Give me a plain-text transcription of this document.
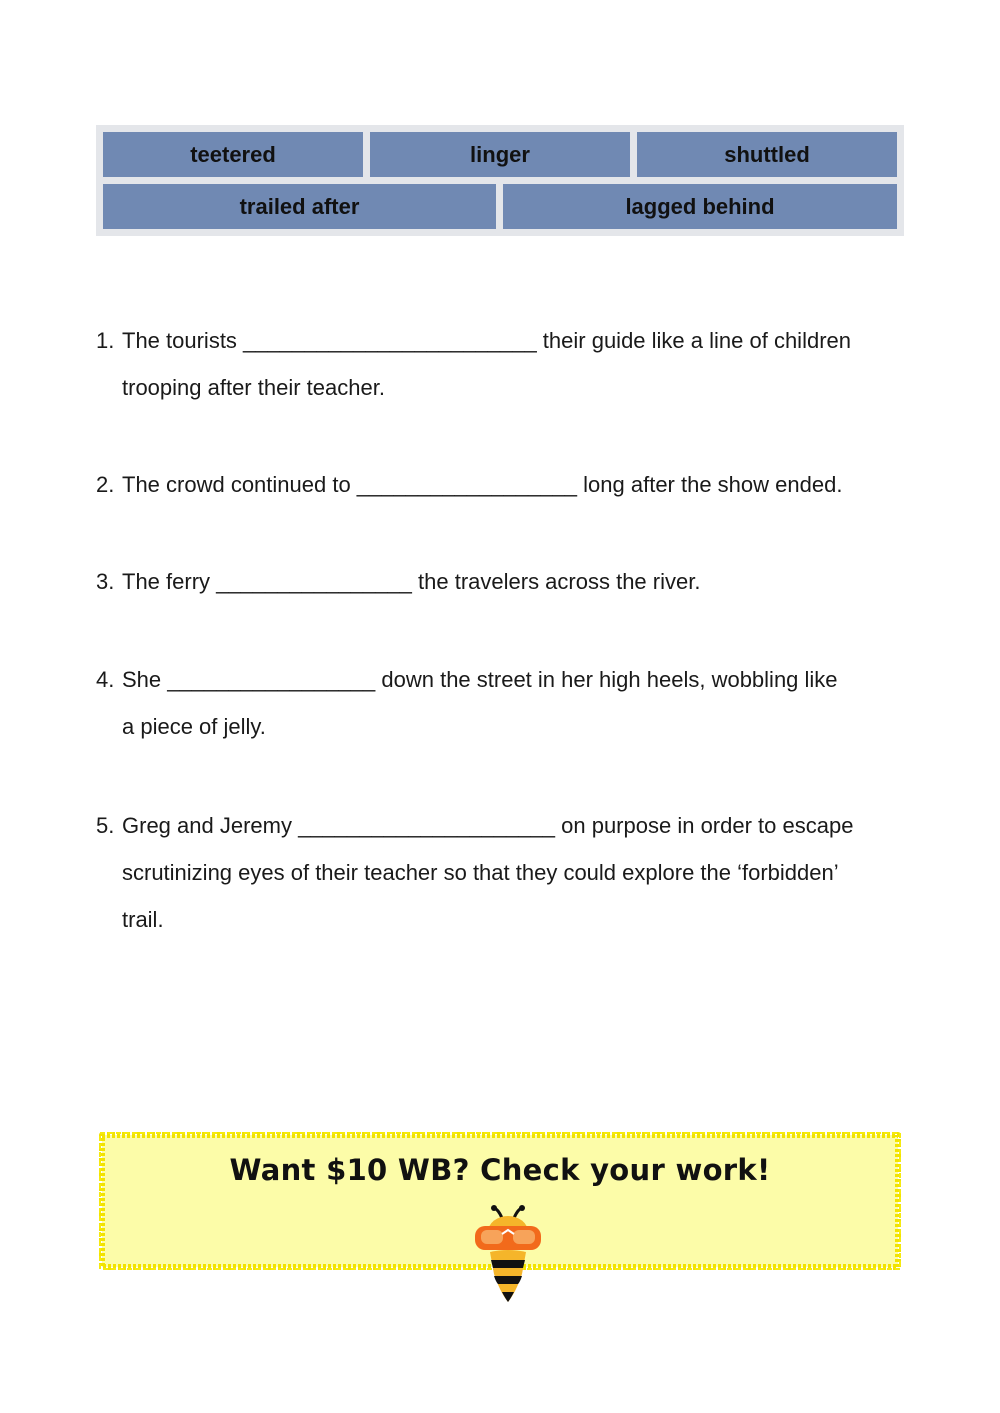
teetered	linger	shuttled
trailed after	lagged behind
1. The tourists ________________________ their guide like a line of children
trooping after their teacher.
2. The crowd continued to __________________ long after the show ended.
3. The ferry ________________ the travelers across the river.
4. She _________________ down the street in her high heels, wobbling like
a piece of jelly.
5. Greg and Jeremy _____________________ on purpose in order to escape
scrutinizing eyes of their teacher so that they could explore the ‘forbidden’
trail.
Want $10 WB? Check your work!
